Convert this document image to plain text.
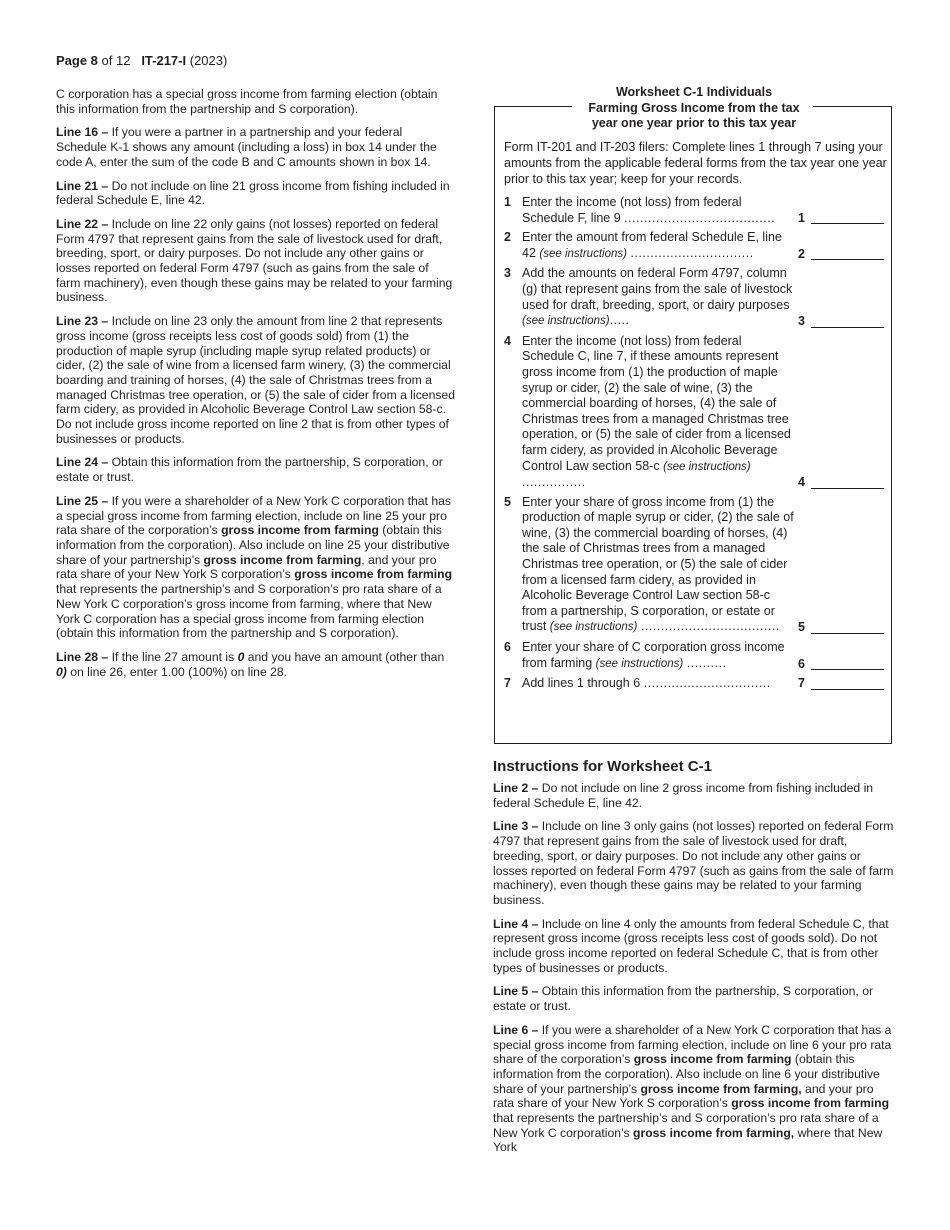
Page 8 of 12 IT-217-I (2023)

C corporation has a special gross income from farming election (obtain this information from the partnership and S corporation).

Line 16 – If you were a partner in a partnership and your federal Schedule K-1 shows any amount (including a loss) in box 14 under the code A, enter the sum of the code B and C amounts shown in box 14.

Line 21 – Do not include on line 21 gross income from fishing included in federal Schedule E, line 42.

Line 22 – Include on line 22 only gains (not losses) reported on federal Form 4797 that represent gains from the sale of livestock used for draft, breeding, sport, or dairy purposes. Do not include any other gains or losses reported on federal Form 4797 (such as gains from the sale of farm machinery), even though these gains may be related to your farming business.

Line 23 – Include on line 23 only the amount from line 2 that represents gross income (gross receipts less cost of goods sold) from (1) the production of maple syrup (including maple syrup related products) or cider, (2) the sale of wine from a licensed farm winery, (3) the commercial boarding and training of horses, (4) the sale of Christmas trees from a managed Christmas tree operation, or (5) the sale of cider from a licensed farm cidery, as provided in Alcoholic Beverage Control Law section 58-c. Do not include gross income reported on line 2 that is from other types of businesses or products.

Line 24 – Obtain this information from the partnership, S corporation, or estate or trust.

Line 25 – If you were a shareholder of a New York C corporation that has a special gross income from farming election, include on line 25 your pro rata share of the corporation’s gross income from farming (obtain this information from the corporation). Also include on line 25 your distributive share of your partnership’s gross income from farming, and your pro rata share of your New York S corporation’s gross income from farming that represents the partnership’s and S corporation’s pro rata share of a New York C corporation’s gross income from farming, where that New York C corporation has a special gross income from farming election (obtain this information from the partnership and S corporation).

Line 28 – If the line 27 amount is 0 and you have an amount (other than 0) on line 26, enter 1.00 (100%) on line 28.

Worksheet C-1 Individuals
Farming Gross Income from the tax
year one year prior to this tax year
Form IT-201 and IT-203 filers: Complete lines 1 through 7 using your amounts from the applicable federal forms from the tax year one year prior to this tax year; keep for your records.
1 Enter the income (not loss) from federal Schedule F, line 9 ......................................	1
2 Enter the amount from federal Schedule E, line 42 (see instructions) ...............................	2
3 Add the amounts on federal Form 4797, column (g) that represent gains from the sale of livestock used for draft, breeding, sport, or dairy purposes (see instructions).....	3
4 Enter the income (not loss) from federal Schedule C, line 7, if these amounts represent gross income from (1) the production of maple syrup or cider, (2) the sale of wine, (3) the commercial boarding of horses, (4) the sale of Christmas trees from a managed Christmas tree operation, or (5) the sale of cider from a licensed farm cidery, as provided in Alcoholic Beverage Control Law section 58-c (see instructions) ................	4
5 Enter your share of gross income from (1) the production of maple syrup or cider, (2) the sale of wine, (3) the commercial boarding of horses, (4) the sale of Christmas trees from a managed Christmas tree operation, or (5) the sale of cider from a licensed farm cidery, as provided in Alcoholic Beverage Control Law section 58-c from a partnership, S corporation, or estate or trust (see instructions) ...................................	5
6 Enter your share of C corporation gross income from farming (see instructions) ..........	6
7 Add lines 1 through 6 ................................	7
Instructions for Worksheet C-1

Line 2 – Do not include on line 2 gross income from fishing included in federal Schedule E, line 42.

Line 3 – Include on line 3 only gains (not losses) reported on federal Form 4797 that represent gains from the sale of livestock used for draft, breeding, sport, or dairy purposes. Do not include any other gains or losses reported on federal Form 4797 (such as gains from the sale of farm machinery), even though these gains may be related to your farming business.

Line 4 – Include on line 4 only the amounts from federal Schedule C, that represent gross income (gross receipts less cost of goods sold). Do not include gross income reported on federal Schedule C, that is from other types of businesses or products.

Line 5 – Obtain this information from the partnership, S corporation, or estate or trust.

Line 6 – If you were a shareholder of a New York C corporation that has a special gross income from farming election, include on line 6 your pro rata share of the corporation’s gross income from farming (obtain this information from the corporation). Also include on line 6 your distributive share of your partnership’s gross income from farming, and your pro rata share of your New York S corporation’s gross income from farming that represents the partnership’s and S corporation’s pro rata share of a New York C corporation’s gross income from farming, where that New York
